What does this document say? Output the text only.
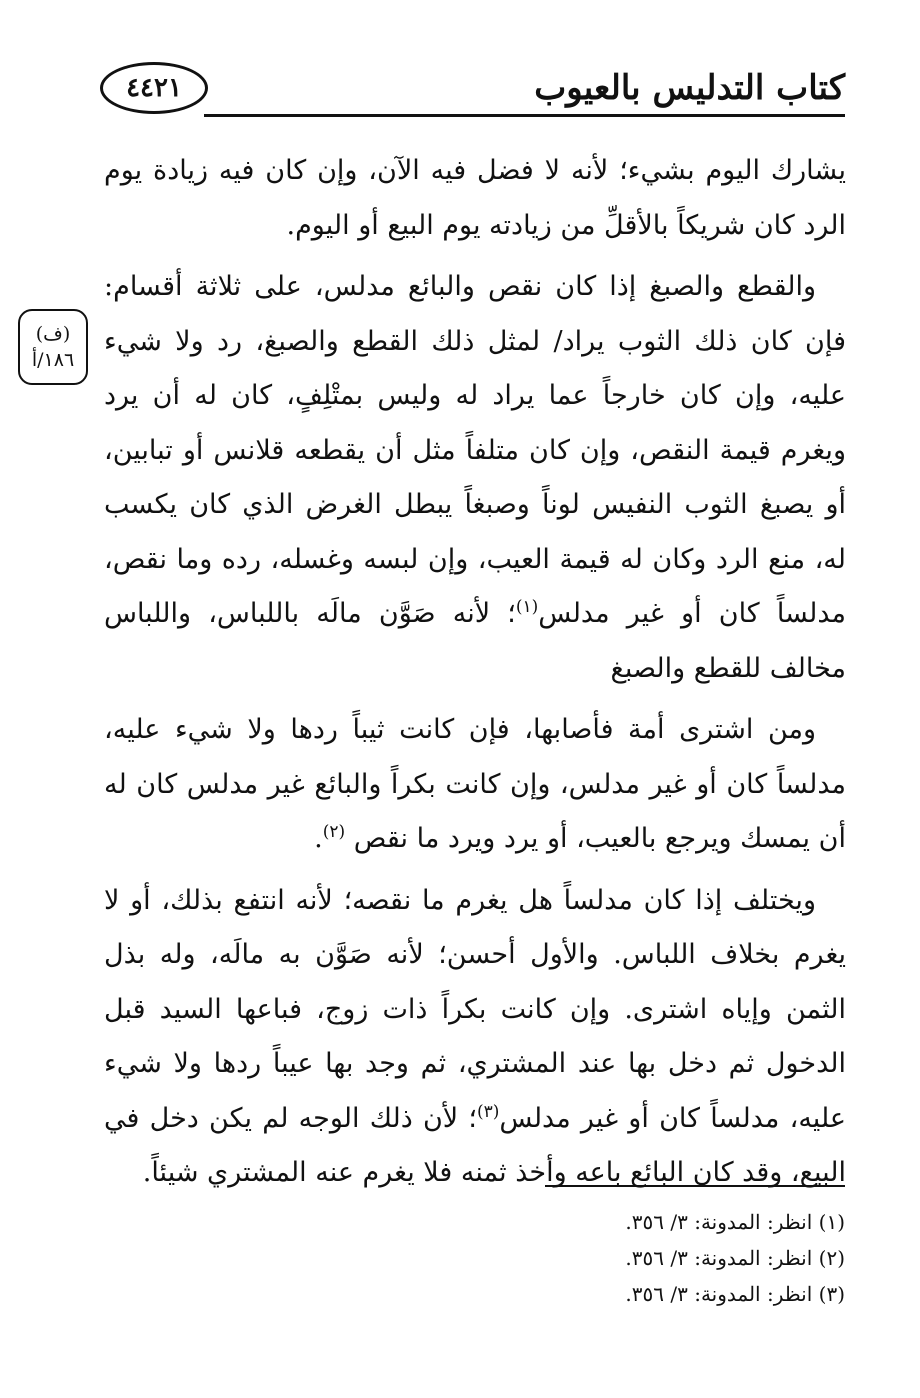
٤٤٢١	كتاب التدليس بالعيوب
(ف)
١٨٦/أ

يشارك اليوم بشيء؛ لأنه لا فضل فيه الآن، وإن كان فيه زيادة يوم الرد كان شريكاً بالأقلِّ من زيادته يوم البيع أو اليوم.

والقطع والصبغ إذا كان نقص والبائع مدلس، على ثلاثة أقسام: فإن كان ذلك الثوب يراد/ لمثل ذلك القطع والصبغ، رد ولا شيء عليه، وإن كان خارجاً عما يراد له وليس بمتْلِفٍ، كان له أن يرد ويغرم قيمة النقص، وإن كان متلفاً مثل أن يقطعه قلانس أو تبابين، أو يصبغ الثوب النفيس لوناً وصبغاً يبطل الغرض الذي كان يكسب له، منع الرد وكان له قيمة العيب، وإن لبسه وغسله، رده وما نقص، مدلساً كان أو غير مدلس$^{(١)}$؛ لأنه صَوَّن مالَه باللباس، واللباس مخالف للقطع والصبغ

ومن اشترى أمة فأصابها، فإن كانت ثيباً ردها ولا شيء عليه، مدلساً كان أو غير مدلس، وإن كانت بكراً والبائع غير مدلس كان له أن يمسك ويرجع بالعيب، أو يرد ويرد ما نقص $^{(٢)}$.

ويختلف إذا كان مدلساً هل يغرم ما نقصه؛ لأنه انتفع بذلك، أو لا يغرم بخلاف اللباس. والأول أحسن؛ لأنه صَوَّن به مالَه، وله بذل الثمن وإياه اشترى. وإن كانت بكراً ذات زوج، فباعها السيد قبل الدخول ثم دخل بها عند المشتري، ثم وجد بها عيباً ردها ولا شيء عليه، مدلساً كان أو غير مدلس$^{(٣)}$؛ لأن ذلك الوجه لم يكن دخل في البيع، وقد كان البائع باعه وأخذ ثمنه فلا يغرم عنه المشتري شيئاً.

(١) انظر: المدونة: ٣/ ٣٥٦.

(٢) انظر: المدونة: ٣/ ٣٥٦.

(٣) انظر: المدونة: ٣/ ٣٥٦.
